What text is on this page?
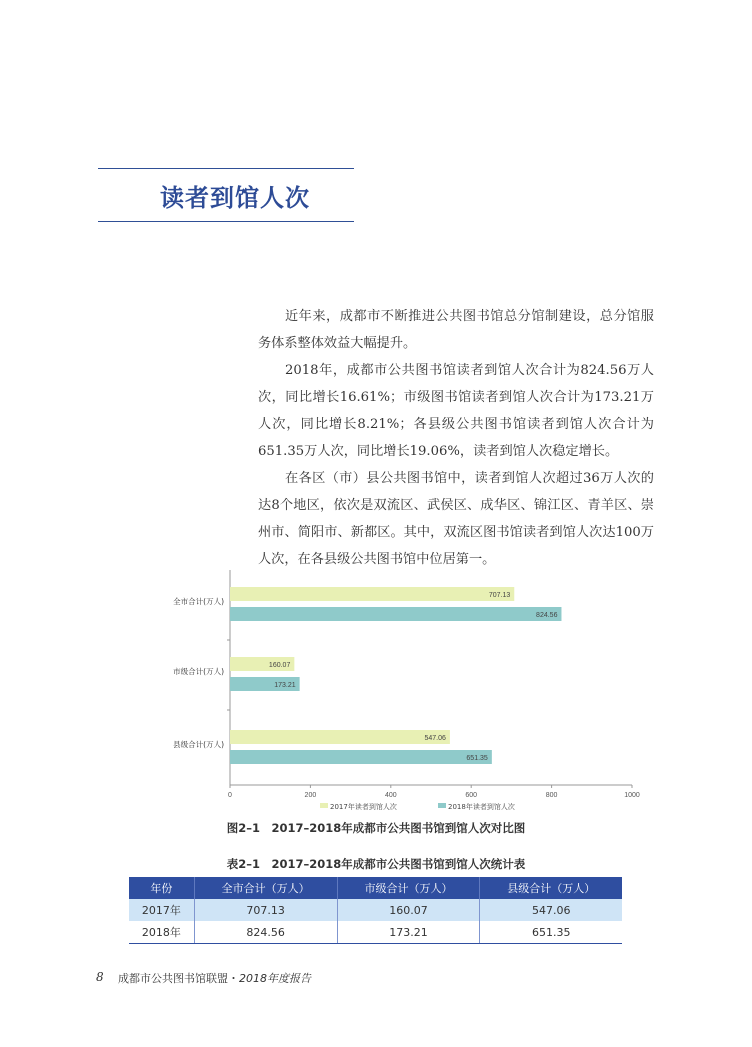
读者到馆人次

近年来，成都市不断推进公共图书馆总分馆制建设，总分馆服务体系整体效益大幅提升。

2018年，成都市公共图书馆读者到馆人次合计为824.56万人次，同比增长16.61%；市级图书馆读者到馆人次合计为173.21万人次，同比增长8.21%；各县级公共图书馆读者到馆人次合计为651.35万人次，同比增长19.06%，读者到馆人次稳定增长。

在各区（市）县公共图书馆中，读者到馆人次超过36万人次的达8个地区，依次是双流区、武侯区、成华区、锦江区、青羊区、崇州市、简阳市、新都区。其中，双流区图书馆读者到馆人次达100万人次，在各县级公共图书馆中位居第一。

0	200	400	600	800	1000
全市合计(万人)
707.13
824.56
市级合计(万人)
160.07
173.21
县级合计(万人)
547.06
651.35
2017年读者到馆人次	2018年读者到馆人次
图2–1　2017–2018年成都市公共图书馆到馆人次对比图
表2–1　2017–2018年成都市公共图书馆到馆人次统计表
年份	全市合计（万人）	市级合计（万人）	县级合计（万人）
2017年	707.13	160.07	547.06
2018年	824.56	173.21	651.35
8 成都市公共图书馆联盟・2018年度报告
